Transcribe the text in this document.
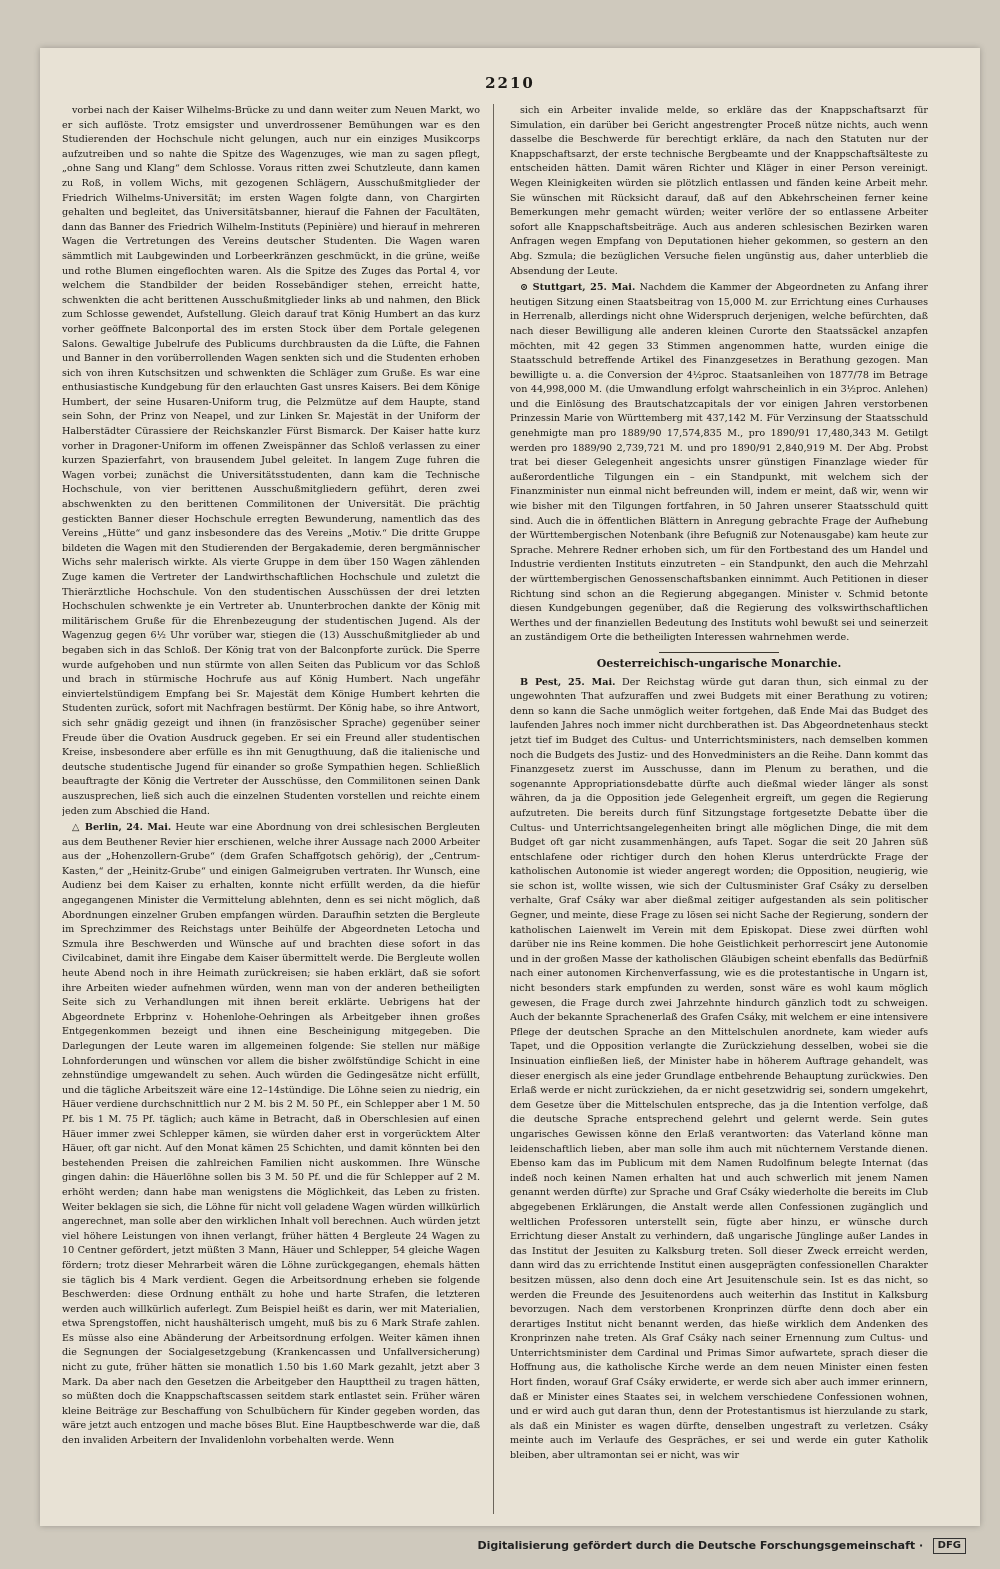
2210

vorbei nach der Kaiser Wilhelms-Brücke zu und dann weiter zum Neuen Markt, wo er sich auflöste. Trotz emsigster und unverdrossener Bemühungen war es den Studierenden der Hochschule nicht gelungen, auch nur ein einziges Musikcorps aufzutreiben und so nahte die Spitze des Wagenzuges, wie man zu sagen pflegt, „ohne Sang und Klang“ dem Schlosse. Voraus ritten zwei Schutzleute, dann kamen zu Roß, in vollem Wichs, mit gezogenen Schlägern, Ausschußmitglieder der Friedrich Wilhelms-Universität; im ersten Wagen folgte dann, von Chargirten gehalten und begleitet, das Universitätsbanner, hierauf die Fahnen der Facultäten, dann das Banner des Friedrich Wilhelm-Instituts (Pepinière) und hierauf in mehreren Wagen die Vertretungen des Vereins deutscher Studenten. Die Wagen waren sämmtlich mit Laubgewinden und Lorbeerkränzen geschmückt, in die grüne, weiße und rothe Blumen eingeflochten waren. Als die Spitze des Zuges das Portal 4, vor welchem die Standbilder der beiden Rossebändiger stehen, erreicht hatte, schwenkten die acht berittenen Ausschußmitglieder links ab und nahmen, den Blick zum Schlosse gewendet, Aufstellung. Gleich darauf trat König Humbert an das kurz vorher geöffnete Balconportal des im ersten Stock über dem Portale gelegenen Salons. Gewaltige Jubelrufe des Publicums durchbrausten da die Lüfte, die Fahnen und Banner in den vorüberrollenden Wagen senkten sich und die Studenten erhoben sich von ihren Kutschsitzen und schwenkten die Schläger zum Gruße. Es war eine enthusiastische Kundgebung für den erlauchten Gast unsres Kaisers. Bei dem Könige Humbert, der seine Husaren-Uniform trug, die Pelzmütze auf dem Haupte, stand sein Sohn, der Prinz von Neapel, und zur Linken Sr. Majestät in der Uniform der Halberstädter Cürassiere der Reichskanzler Fürst Bismarck. Der Kaiser hatte kurz vorher in Dragoner-Uniform im offenen Zweispänner das Schloß verlassen zu einer kurzen Spazierfahrt, von brausendem Jubel geleitet. In langem Zuge fuhren die Wagen vorbei; zunächst die Universitätsstudenten, dann kam die Technische Hochschule, von vier berittenen Ausschußmitgliedern geführt, deren zwei abschwenkten zu den berittenen Commilitonen der Universität. Die prächtig gestickten Banner dieser Hochschule erregten Bewunderung, namentlich das des Vereins „Hütte“ und ganz insbesondere das des Vereins „Motiv.“ Die dritte Gruppe bildeten die Wagen mit den Studierenden der Bergakademie, deren bergmännischer Wichs sehr malerisch wirkte. Als vierte Gruppe in dem über 150 Wagen zählenden Zuge kamen die Vertreter der Landwirthschaftlichen Hochschule und zuletzt die Thierärztliche Hochschule. Von den studentischen Ausschüssen der drei letzten Hochschulen schwenkte je ein Vertreter ab. Ununterbrochen dankte der König mit militärischem Gruße für die Ehrenbezeugung der studentischen Jugend. Als der Wagenzug gegen 6½ Uhr vorüber war, stiegen die (13) Ausschußmitglieder ab und begaben sich in das Schloß. Der König trat von der Balconpforte zurück. Die Sperre wurde aufgehoben und nun stürmte von allen Seiten das Publicum vor das Schloß und brach in stürmische Hochrufe aus auf König Humbert. Nach ungefähr einviertelstündigem Empfang bei Sr. Majestät dem Könige Humbert kehrten die Studenten zurück, sofort mit Nachfragen bestürmt. Der König habe, so ihre Antwort, sich sehr gnädig gezeigt und ihnen (in französischer Sprache) gegenüber seiner Freude über die Ovation Ausdruck gegeben. Er sei ein Freund aller studentischen Kreise, insbesondere aber erfülle es ihn mit Genugthuung, daß die italienische und deutsche studentische Jugend für einander so große Sympathien hegen. Schließlich beauftragte der König die Vertreter der Ausschüsse, den Commilitonen seinen Dank auszusprechen, ließ sich auch die einzelnen Studenten vorstellen und reichte einem jeden zum Abschied die Hand.

△ Berlin, 24. Mai. Heute war eine Abordnung von drei schlesischen Bergleuten aus dem Beuthener Revier hier erschienen, welche ihrer Aussage nach 2000 Arbeiter aus der „Hohenzollern-Grube“ (dem Grafen Schaffgotsch gehörig), der „Centrum-Kasten,“ der „Heinitz-Grube“ und einigen Galmeigruben vertraten. Ihr Wunsch, eine Audienz bei dem Kaiser zu erhalten, konnte nicht erfüllt werden, da die hiefür angegangenen Minister die Vermittelung ablehnten, denn es sei nicht möglich, daß Abordnungen einzelner Gruben empfangen würden. Daraufhin setzten die Bergleute im Sprechzimmer des Reichstags unter Beihülfe der Abgeordneten Letocha und Szmula ihre Beschwerden und Wünsche auf und brachten diese sofort in das Civilcabinet, damit ihre Eingabe dem Kaiser übermittelt werde. Die Bergleute wollen heute Abend noch in ihre Heimath zurückreisen; sie haben erklärt, daß sie sofort ihre Arbeiten wieder aufnehmen würden, wenn man von der anderen betheiligten Seite sich zu Verhandlungen mit ihnen bereit erklärte. Uebrigens hat der Abgeordnete Erbprinz v. Hohenlohe-Oehringen als Arbeitgeber ihnen großes Entgegenkommen bezeigt und ihnen eine Bescheinigung mitgegeben. Die Darlegungen der Leute waren im allgemeinen folgende: Sie stellen nur mäßige Lohnforderungen und wünschen vor allem die bisher zwölfstündige Schicht in eine zehnstündige umgewandelt zu sehen. Auch würden die Gedingesätze nicht erfüllt, und die tägliche Arbeitszeit wäre eine 12–14stündige. Die Löhne seien zu niedrig, ein Häuer verdiene durchschnittlich nur 2 M. bis 2 M. 50 Pf., ein Schlepper aber 1 M. 50 Pf. bis 1 M. 75 Pf. täglich; auch käme in Betracht, daß in Oberschlesien auf einen Häuer immer zwei Schlepper kämen, sie würden daher erst in vorgerücktem Alter Häuer, oft gar nicht. Auf den Monat kämen 25 Schichten, und damit könnten bei den bestehenden Preisen die zahlreichen Familien nicht auskommen. Ihre Wünsche gingen dahin: die Häuerlöhne sollen bis 3 M. 50 Pf. und die für Schlepper auf 2 M. erhöht werden; dann habe man wenigstens die Möglichkeit, das Leben zu fristen. Weiter beklagen sie sich, die Löhne für nicht voll geladene Wagen würden willkürlich angerechnet, man solle aber den wirklichen Inhalt voll berechnen. Auch würden jetzt viel höhere Leistungen von ihnen verlangt, früher hätten 4 Bergleute 24 Wagen zu 10 Centner gefördert, jetzt müßten 3 Mann, Häuer und Schlepper, 54 gleiche Wagen fördern; trotz dieser Mehrarbeit wären die Löhne zurückgegangen, ehemals hätten sie täglich bis 4 Mark verdient. Gegen die Arbeitsordnung erheben sie folgende Beschwerden: diese Ordnung enthält zu hohe und harte Strafen, die letzteren werden auch willkürlich auferlegt. Zum Beispiel heißt es darin, wer mit Materialien, etwa Sprengstoffen, nicht haushälterisch umgeht, muß bis zu 6 Mark Strafe zahlen. Es müsse also eine Abänderung der Arbeitsordnung erfolgen. Weiter kämen ihnen die Segnungen der Socialgesetzgebung (Krankencassen und Unfallversicherung) nicht zu gute, früher hätten sie monatlich 1.50 bis 1.60 Mark gezahlt, jetzt aber 3 Mark. Da aber nach den Gesetzen die Arbeitgeber den Haupttheil zu tragen hätten, so müßten doch die Knappschaftscassen seitdem stark entlastet sein. Früher wären kleine Beiträge zur Beschaffung von Schulbüchern für Kinder gegeben worden, das wäre jetzt auch entzogen und mache böses Blut. Eine Hauptbeschwerde war die, daß den invaliden Arbeitern der Invalidenlohn vorbehalten werde. Wenn

sich ein Arbeiter invalide melde, so erkläre das der Knappschaftsarzt für Simulation, ein darüber bei Gericht angestrengter Proceß nütze nichts, auch wenn dasselbe die Beschwerde für berechtigt erkläre, da nach den Statuten nur der Knappschaftsarzt, der erste technische Bergbeamte und der Knappschaftsälteste zu entscheiden hätten. Damit wären Richter und Kläger in einer Person vereinigt. Wegen Kleinigkeiten würden sie plötzlich entlassen und fänden keine Arbeit mehr. Sie wünschen mit Rücksicht darauf, daß auf den Abkehrscheinen ferner keine Bemerkungen mehr gemacht würden; weiter verlöre der so entlassene Arbeiter sofort alle Knappschaftsbeiträge. Auch aus anderen schlesischen Bezirken waren Anfragen wegen Empfang von Deputationen hieher gekommen, so gestern an den Abg. Szmula; die bezüglichen Versuche fielen ungünstig aus, daher unterblieb die Absendung der Leute.

⊙ Stuttgart, 25. Mai. Nachdem die Kammer der Abgeordneten zu Anfang ihrer heutigen Sitzung einen Staatsbeitrag von 15,000 M. zur Errichtung eines Curhauses in Herrenalb, allerdings nicht ohne Widerspruch derjenigen, welche befürchten, daß nach dieser Bewilligung alle anderen kleinen Curorte den Staatssäckel anzapfen möchten, mit 42 gegen 33 Stimmen angenommen hatte, wurden einige die Staatsschuld betreffende Artikel des Finanzgesetzes in Berathung gezogen. Man bewilligte u. a. die Conversion der 4½proc. Staatsanleihen von 1877/78 im Betrage von 44,998,000 M. (die Umwandlung erfolgt wahrscheinlich in ein 3½proc. Anlehen) und die Einlösung des Brautschatzcapitals der vor einigen Jahren verstorbenen Prinzessin Marie von Württemberg mit 437,142 M. Für Verzinsung der Staatsschuld genehmigte man pro 1889/90 17,574,835 M., pro 1890/91 17,480,343 M. Getilgt werden pro 1889/90 2,739,721 M. und pro 1890/91 2,840,919 M. Der Abg. Probst trat bei dieser Gelegenheit angesichts unsrer günstigen Finanzlage wieder für außerordentliche Tilgungen ein – ein Standpunkt, mit welchem sich der Finanzminister nun einmal nicht befreunden will, indem er meint, daß wir, wenn wir wie bisher mit den Tilgungen fortfahren, in 50 Jahren unserer Staatsschuld quitt sind. Auch die in öffentlichen Blättern in Anregung gebrachte Frage der Aufhebung der Württembergischen Notenbank (ihre Befugniß zur Notenausgabe) kam heute zur Sprache. Mehrere Redner erhoben sich, um für den Fortbestand des um Handel und Industrie verdienten Instituts einzutreten – ein Standpunkt, den auch die Mehrzahl der württembergischen Genossenschaftsbanken einnimmt. Auch Petitionen in dieser Richtung sind schon an die Regierung abgegangen. Minister v. Schmid betonte diesen Kundgebungen gegenüber, daß die Regierung des volkswirthschaftlichen Werthes und der finanziellen Bedeutung des Instituts wohl bewußt sei und seinerzeit an zuständigem Orte die betheiligten Interessen wahrnehmen werde.

Oesterreichisch-ungarische Monarchie.

B Pest, 25. Mai. Der Reichstag würde gut daran thun, sich einmal zu der ungewohnten That aufzuraffen und zwei Budgets mit einer Berathung zu votiren; denn so kann die Sache unmöglich weiter fortgehen, daß Ende Mai das Budget des laufenden Jahres noch immer nicht durchberathen ist. Das Abgeordnetenhaus steckt jetzt tief im Budget des Cultus- und Unterrichtsministers, nach demselben kommen noch die Budgets des Justiz- und des Honvedministers an die Reihe. Dann kommt das Finanzgesetz zuerst im Ausschusse, dann im Plenum zu berathen, und die sogenannte Appropriationsdebatte dürfte auch dießmal wieder länger als sonst währen, da ja die Opposition jede Gelegenheit ergreift, um gegen die Regierung aufzutreten. Die bereits durch fünf Sitzungstage fortgesetzte Debatte über die Cultus- und Unterrichtsangelegenheiten bringt alle möglichen Dinge, die mit dem Budget oft gar nicht zusammenhängen, aufs Tapet. Sogar die seit 20 Jahren süß entschlafene oder richtiger durch den hohen Klerus unterdrückte Frage der katholischen Autonomie ist wieder angeregt worden; die Opposition, neugierig, wie sie schon ist, wollte wissen, wie sich der Cultusminister Graf Csáky zu derselben verhalte, Graf Csáky war aber dießmal zeitiger aufgestanden als sein politischer Gegner, und meinte, diese Frage zu lösen sei nicht Sache der Regierung, sondern der katholischen Laienwelt im Verein mit dem Episkopat. Diese zwei dürften wohl darüber nie ins Reine kommen. Die hohe Geistlichkeit perhorrescirt jene Autonomie und in der großen Masse der katholischen Gläubigen scheint ebenfalls das Bedürfniß nach einer autonomen Kirchenverfassung, wie es die protestantische in Ungarn ist, nicht besonders stark empfunden zu werden, sonst wäre es wohl kaum möglich gewesen, die Frage durch zwei Jahrzehnte hindurch gänzlich todt zu schweigen. Auch der bekannte Sprachenerlaß des Grafen Csáky, mit welchem er eine intensivere Pflege der deutschen Sprache an den Mittelschulen anordnete, kam wieder aufs Tapet, und die Opposition verlangte die Zurückziehung desselben, wobei sie die Insinuation einfließen ließ, der Minister habe in höherem Auftrage gehandelt, was dieser energisch als eine jeder Grundlage entbehrende Behauptung zurückwies. Den Erlaß werde er nicht zurückziehen, da er nicht gesetzwidrig sei, sondern umgekehrt, dem Gesetze über die Mittelschulen entspreche, das ja die Intention verfolge, daß die deutsche Sprache entsprechend gelehrt und gelernt werde. Sein gutes ungarisches Gewissen könne den Erlaß verantworten: das Vaterland könne man leidenschaftlich lieben, aber man solle ihm auch mit nüchternem Verstande dienen. Ebenso kam das im Publicum mit dem Namen Rudolfinum belegte Internat (das indeß noch keinen Namen erhalten hat und auch schwerlich mit jenem Namen genannt werden dürfte) zur Sprache und Graf Csáky wiederholte die bereits im Club abgegebenen Erklärungen, die Anstalt werde allen Confessionen zugänglich und weltlichen Professoren unterstellt sein, fügte aber hinzu, er wünsche durch Errichtung dieser Anstalt zu verhindern, daß ungarische Jünglinge außer Landes in das Institut der Jesuiten zu Kalksburg treten. Soll dieser Zweck erreicht werden, dann wird das zu errichtende Institut einen ausgeprägten confessionellen Charakter besitzen müssen, also denn doch eine Art Jesuitenschule sein. Ist es das nicht, so werden die Freunde des Jesuitenordens auch weiterhin das Institut in Kalksburg bevorzugen. Nach dem verstorbenen Kronprinzen dürfte denn doch aber ein derartiges Institut nicht benannt werden, das hieße wirklich dem Andenken des Kronprinzen nahe treten. Als Graf Csáky nach seiner Ernennung zum Cultus- und Unterrichtsminister dem Cardinal und Primas Simor aufwartete, sprach dieser die Hoffnung aus, die katholische Kirche werde an dem neuen Minister einen festen Hort finden, worauf Graf Csáky erwiderte, er werde sich aber auch immer erinnern, daß er Minister eines Staates sei, in welchem verschiedene Confessionen wohnen, und er wird auch gut daran thun, denn der Protestantismus ist hierzulande zu stark, als daß ein Minister es wagen dürfte, denselben ungestraft zu verletzen. Csáky meinte auch im Verlaufe des Gespräches, er sei und werde ein guter Katholik bleiben, aber ultramontan sei er nicht, was wir

Digitalisierung gefördert durch die Deutsche Forschungsgemeinschaft · DFG
